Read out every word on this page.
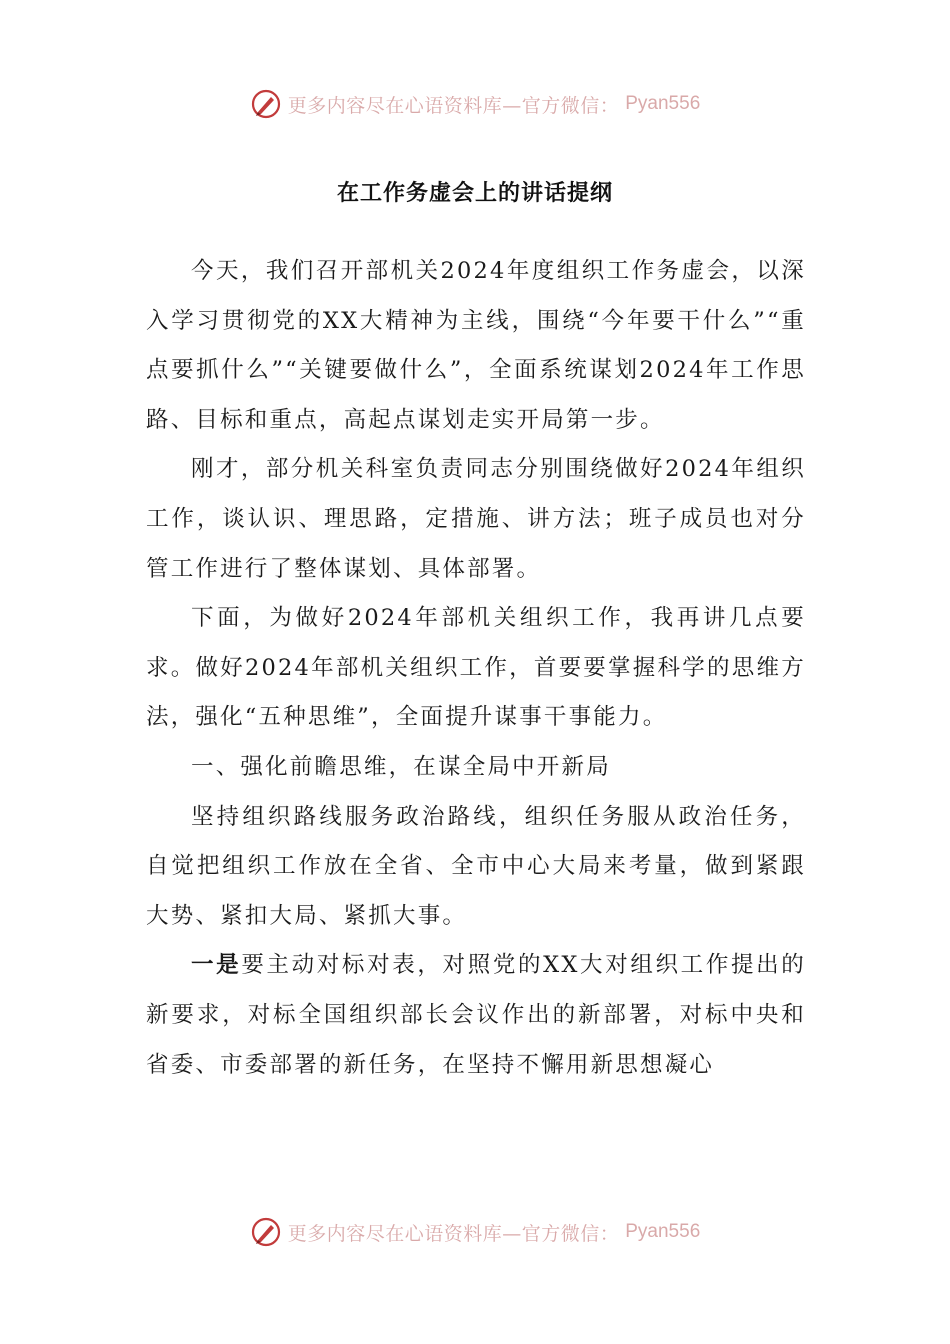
更多内容尽在心语资料库—官方微信： Pyan556
在工作务虚会上的讲话提纲

今天，我们召开部机关2024年度组织工作务虚会，以深入学习贯彻党的XX大精神为主线，围绕“今年要干什么”“重点要抓什么”“关键要做什么”，全面系统谋划2024年工作思路、目标和重点，高起点谋划走实开局第一步。

刚才，部分机关科室负责同志分别围绕做好2024年组织工作，谈认识、理思路，定措施、讲方法；班子成员也对分管工作进行了整体谋划、具体部署。

下面，为做好2024年部机关组织工作，我再讲几点要求。做好2024年部机关组织工作，首要要掌握科学的思维方法，强化“五种思维”，全面提升谋事干事能力。

一、强化前瞻思维，在谋全局中开新局

坚持组织路线服务政治路线，组织任务服从政治任务，自觉把组织工作放在全省、全市中心大局来考量，做到紧跟大势、紧扣大局、紧抓大事。

一是要主动对标对表，对照党的XX大对组织工作提出的新要求，对标全国组织部长会议作出的新部署，对标中央和省委、市委部署的新任务，在坚持不懈用新思想凝心

更多内容尽在心语资料库—官方微信： Pyan556
